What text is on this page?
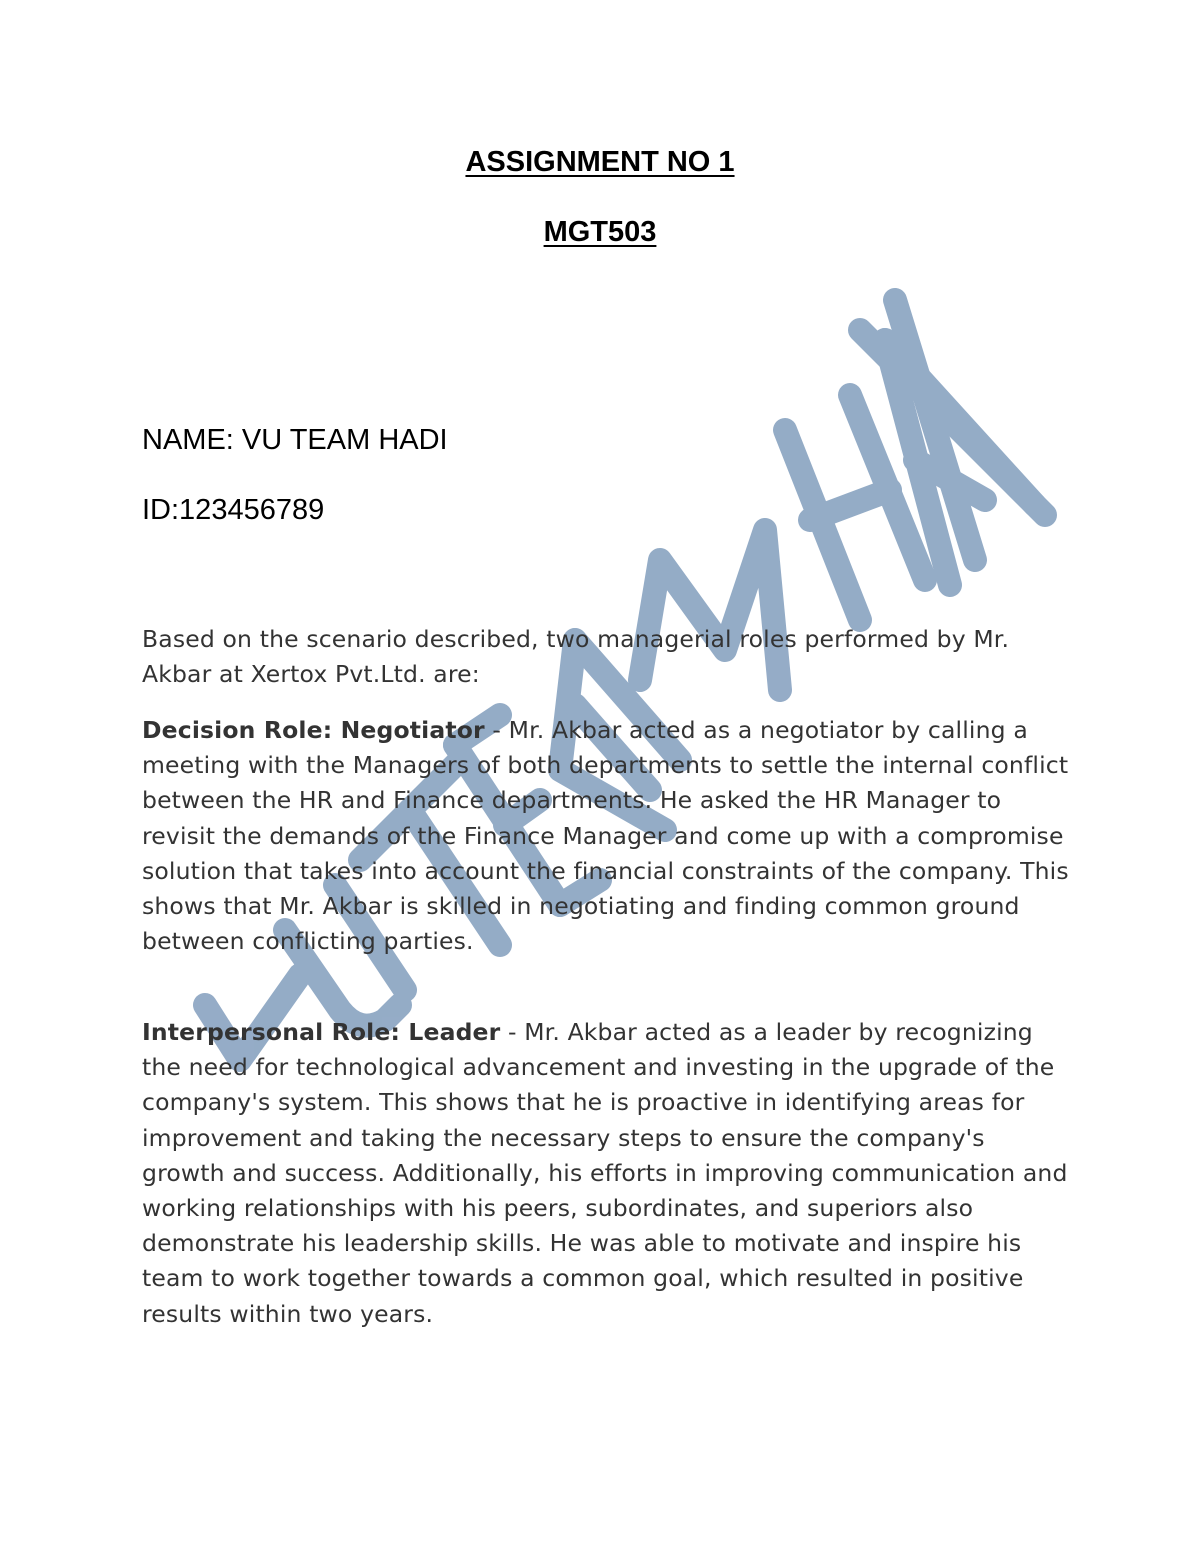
ASSIGNMENT NO 1
MGT503
NAME: VU TEAM HADI
ID:123456789

Based on the scenario described, two managerial roles performed by Mr. Akbar at Xertox Pvt.Ltd. are:

Decision Role: Negotiator - Mr. Akbar acted as a negotiator by calling a meeting with the Managers of both departments to settle the internal conflict between the HR and Finance departments. He asked the HR Manager to revisit the demands of the Finance Manager and come up with a compromise solution that takes into account the financial constraints of the company. This shows that Mr. Akbar is skilled in negotiating and finding common ground between conflicting parties.

Interpersonal Role: Leader - Mr. Akbar acted as a leader by recognizing the need for technological advancement and investing in the upgrade of the company's system. This shows that he is proactive in identifying areas for improvement and taking the necessary steps to ensure the company's growth and success. Additionally, his efforts in improving communication and working relationships with his peers, subordinates, and superiors also demonstrate his leadership skills. He was able to motivate and inspire his team to work together towards a common goal, which resulted in positive results within two years.
